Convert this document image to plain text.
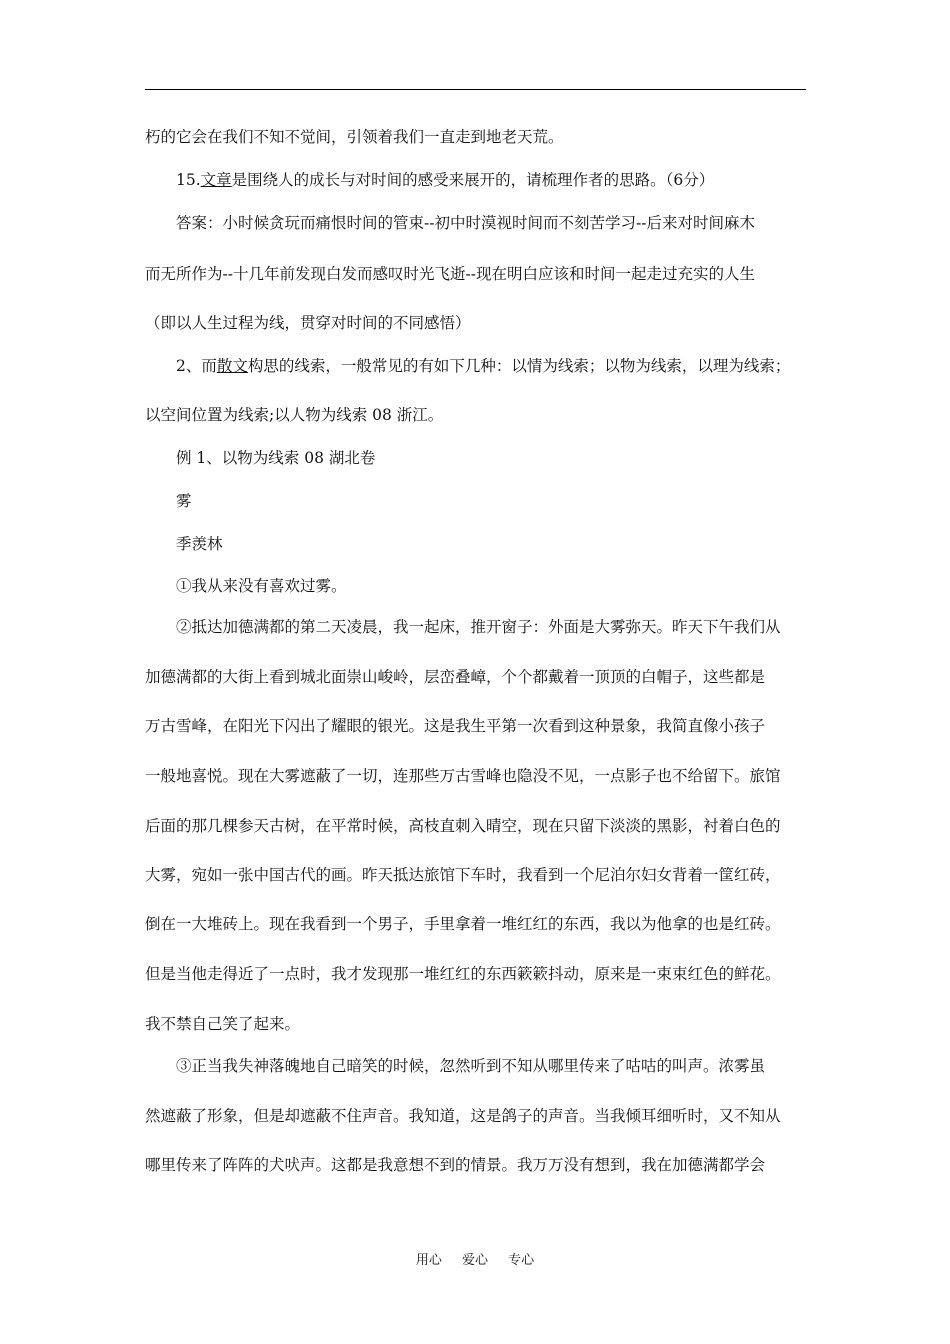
朽的它会在我们不知不觉间，引领着我们一直走到地老天荒。
15.文章是围绕人的成长与对时间的感受来展开的，请梳理作者的思路。（6分）
答案：小时候贪玩而痛恨时间的管束--初中时漠视时间而不刻苦学习--后来对时间麻木
而无所作为--十几年前发现白发而感叹时光飞逝--现在明白应该和时间一起走过充实的人生
（即以人生过程为线，贯穿对时间的不同感悟）
2、而散文构思的线索，一般常见的有如下几种：以情为线索；以物为线索，以理为线索；
以空间位置为线索;以人物为线索 08 浙江。
例 1、以物为线索 08 湖北卷
雾
季羡林
①我从来没有喜欢过雾。
②抵达加德满都的第二天凌晨，我一起床，推开窗子：外面是大雾弥天。昨天下午我们从
加德满都的大街上看到城北面崇山峻岭，层峦叠嶂，个个都戴着一顶顶的白帽子，这些都是
万古雪峰，在阳光下闪出了耀眼的银光。这是我生平第一次看到这种景象，我简直像小孩子
一般地喜悦。现在大雾遮蔽了一切，连那些万古雪峰也隐没不见，一点影子也不给留下。旅馆
后面的那几棵参天古树，在平常时候，高枝直刺入晴空，现在只留下淡淡的黑影，衬着白色的
大雾，宛如一张中国古代的画。昨天抵达旅馆下车时，我看到一个尼泊尔妇女背着一筐红砖，
倒在一大堆砖上。现在我看到一个男子，手里拿着一堆红红的东西，我以为他拿的也是红砖。
但是当他走得近了一点时，我才发现那一堆红红的东西簌簌抖动，原来是一束束红色的鲜花。
我不禁自己笑了起来。
③正当我失神落魄地自己暗笑的时候，忽然听到不知从哪里传来了咕咕的叫声。浓雾虽
然遮蔽了形象，但是却遮蔽不住声音。我知道，这是鸽子的声音。当我倾耳细听时，又不知从
哪里传来了阵阵的犬吠声。这都是我意想不到的情景。我万万没有想到，我在加德满都学会
用心 爱心 专心
